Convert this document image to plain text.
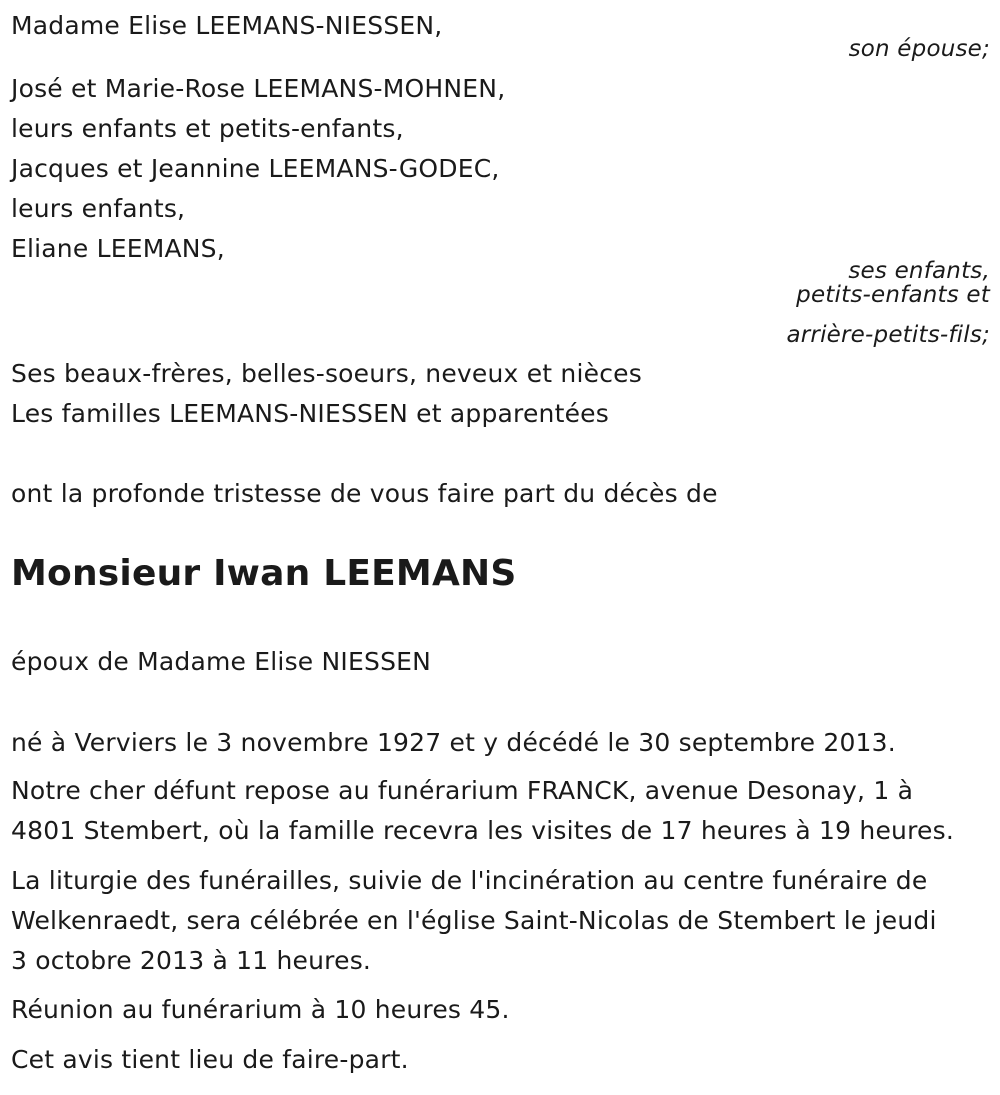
Madame Elise LEEMANS-NIESSEN,
son épouse;
José et Marie-Rose LEEMANS-MOHNEN,
leurs enfants et petits-enfants,
Jacques et Jeannine LEEMANS-GODEC,
leurs enfants,
Eliane LEEMANS,
ses enfants,
petits-enfants et
arrière-petits-fils;
Ses beaux-frères, belles-soeurs, neveux et nièces
Les familles LEEMANS-NIESSEN et apparentées
ont la profonde tristesse de vous faire part du décès de
Monsieur Iwan LEEMANS
époux de Madame Elise NIESSEN
né à Verviers le 3 novembre 1927 et y décédé le 30 septembre 2013.
Notre cher défunt repose au funérarium FRANCK, avenue Desonay, 1 à
4801 Stembert, où la famille recevra les visites de 17 heures à 19 heures.
La liturgie des funérailles, suivie de l'incinération au centre funéraire de
Welkenraedt, sera célébrée en l'église Saint-Nicolas de Stembert le jeudi
3 octobre 2013 à 11 heures.
Réunion au funérarium à 10 heures 45.
Cet avis tient lieu de faire-part.
